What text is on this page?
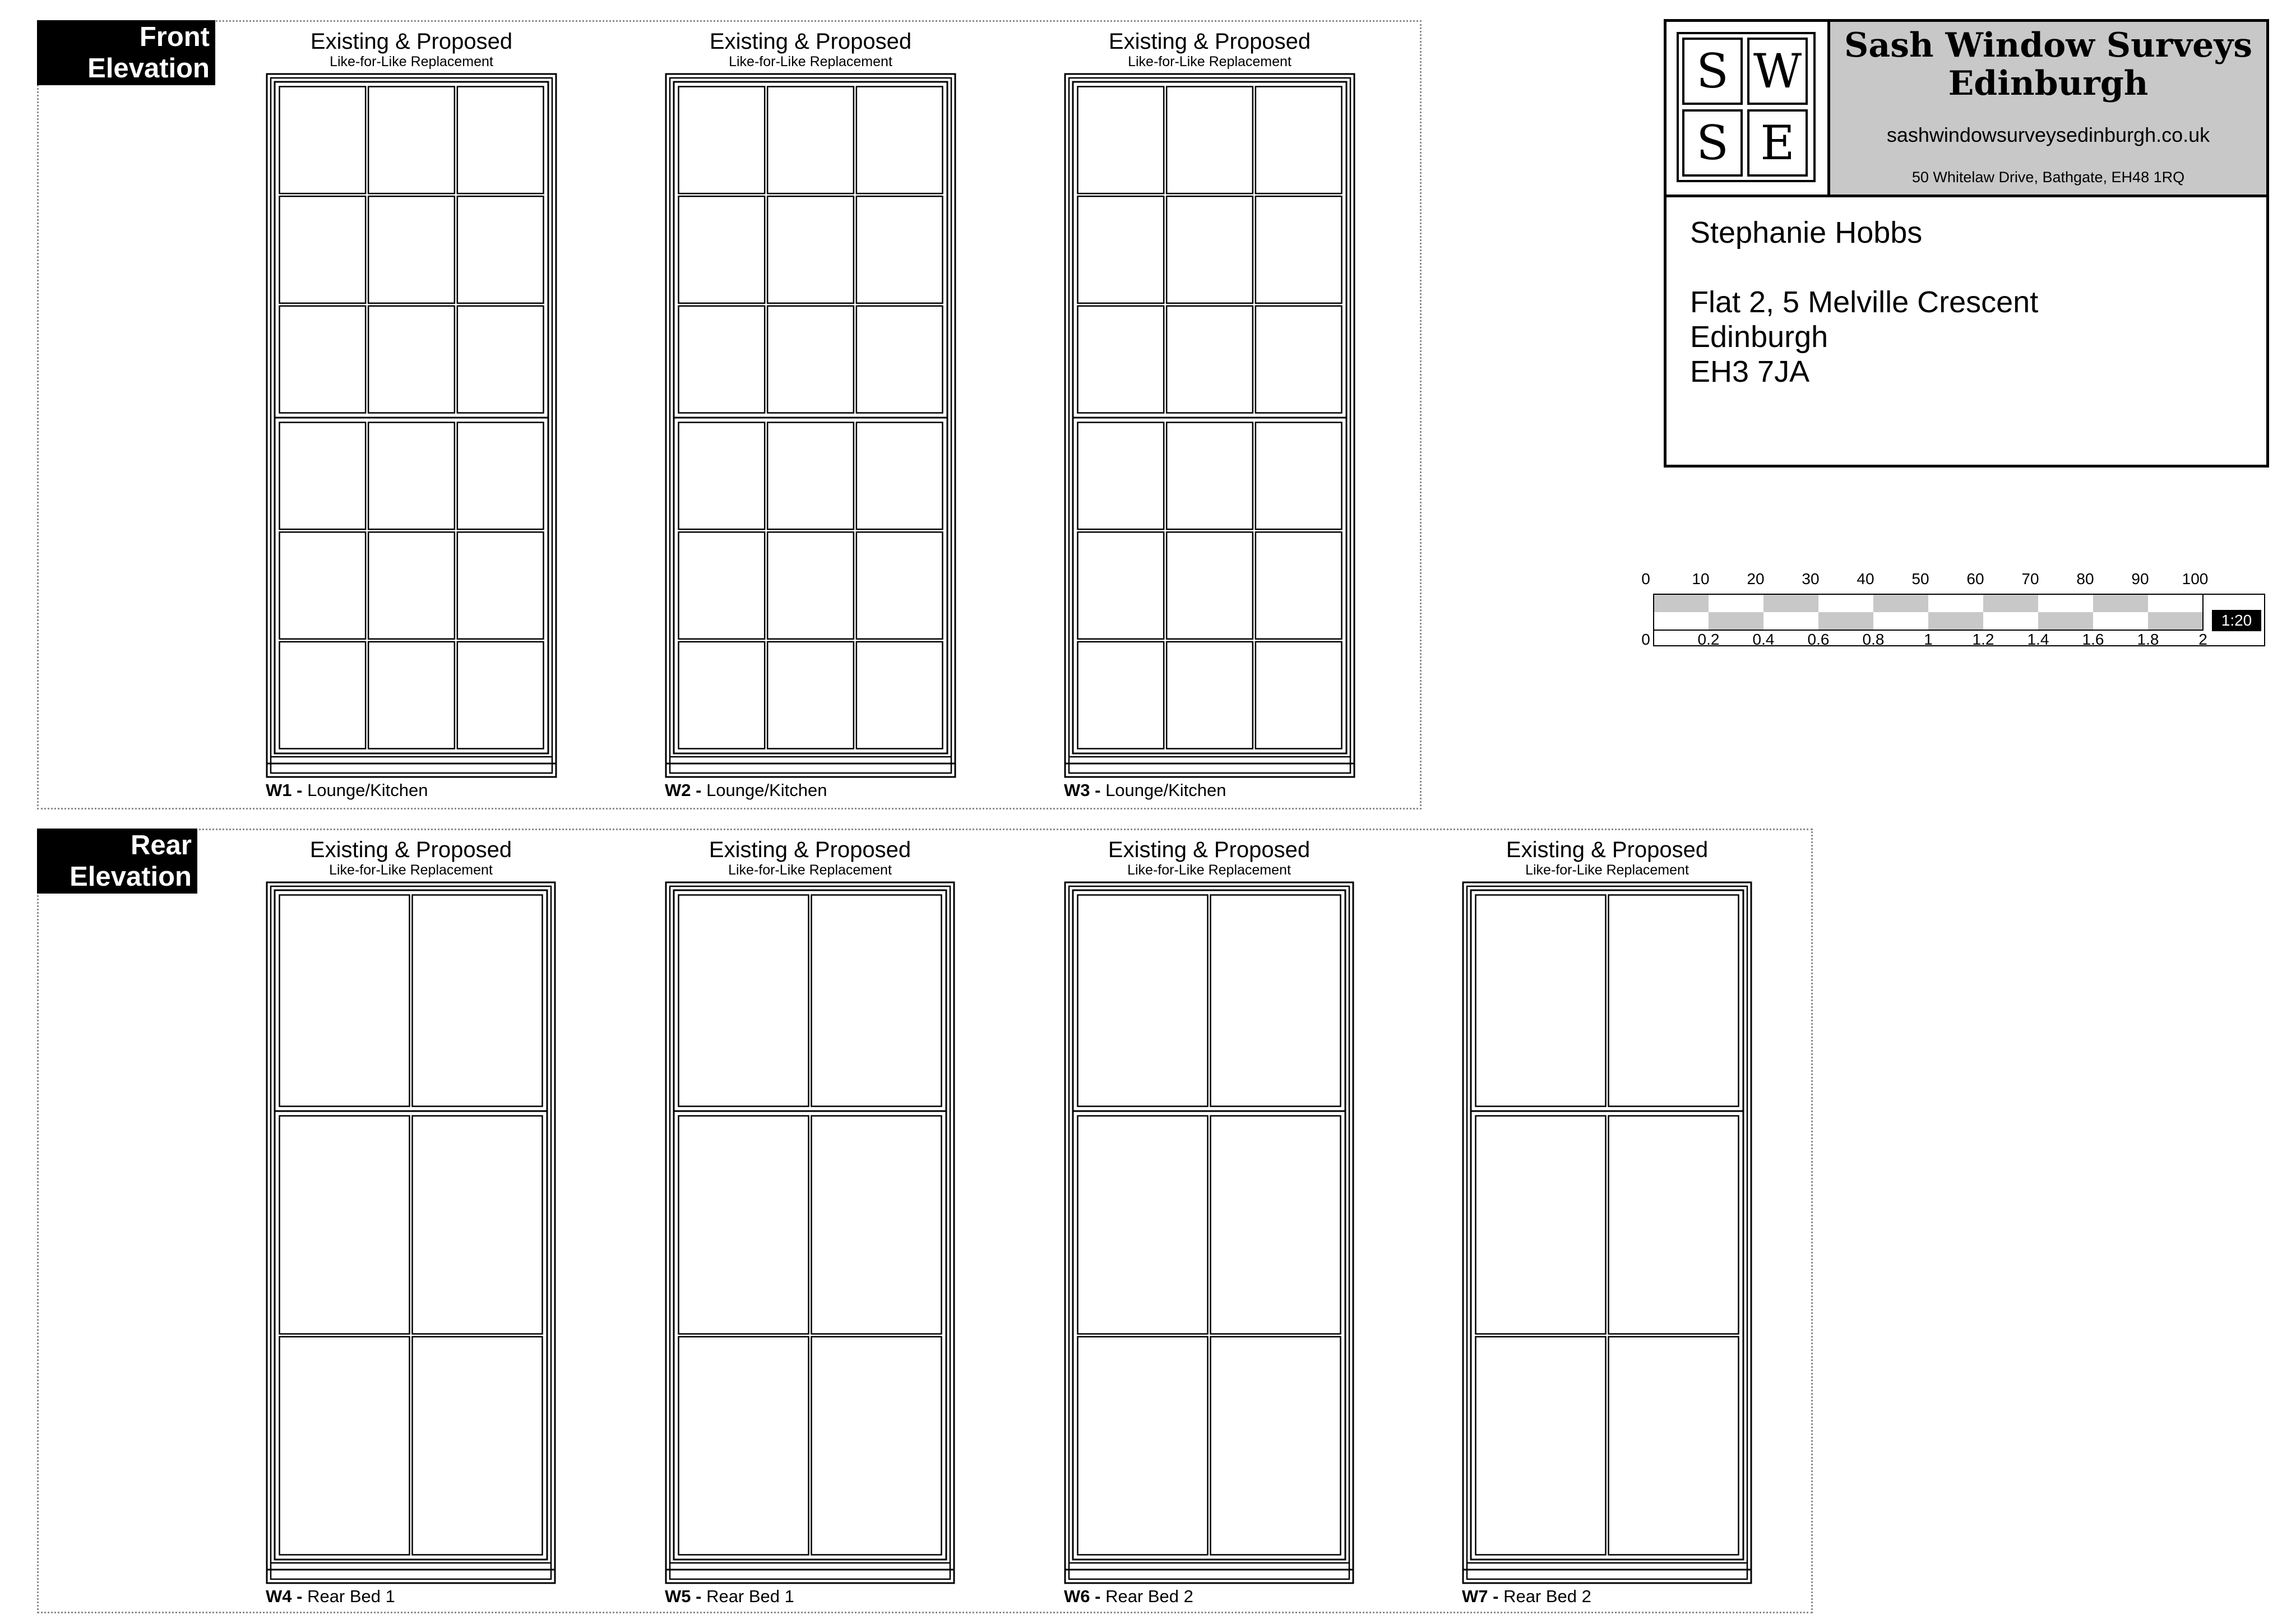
Front
Elevation
Existing & Proposed
Like-for-Like Replacement
W1 - Lounge/Kitchen
Existing & Proposed
Like-for-Like Replacement
W2 - Lounge/Kitchen
Existing & Proposed
Like-for-Like Replacement
W3 - Lounge/Kitchen
Rear
Elevation
Existing & Proposed
Like-for-Like Replacement
W4 - Rear Bed 1
Existing & Proposed
Like-for-Like Replacement
W5 - Rear Bed 1
Existing & Proposed
Like-for-Like Replacement
W6 - Rear Bed 2
Existing & Proposed
Like-for-Like Replacement
W7 - Rear Bed 2
S W
S E
Sash Window Surveys Edinburgh
sashwindowsurveysedinburgh.co.uk
50 Whitelaw Drive, Bathgate, EH48 1RQ
Stephanie Hobbs
Flat 2, 5 Melville Crescent
Edinburgh
EH3 7JA
0	10 20 30 40 50 60 70 80 90 100
0	0.2 0.4 0.6 0.8	1	1.2 1.4 1.6 1.8	2
1:20
